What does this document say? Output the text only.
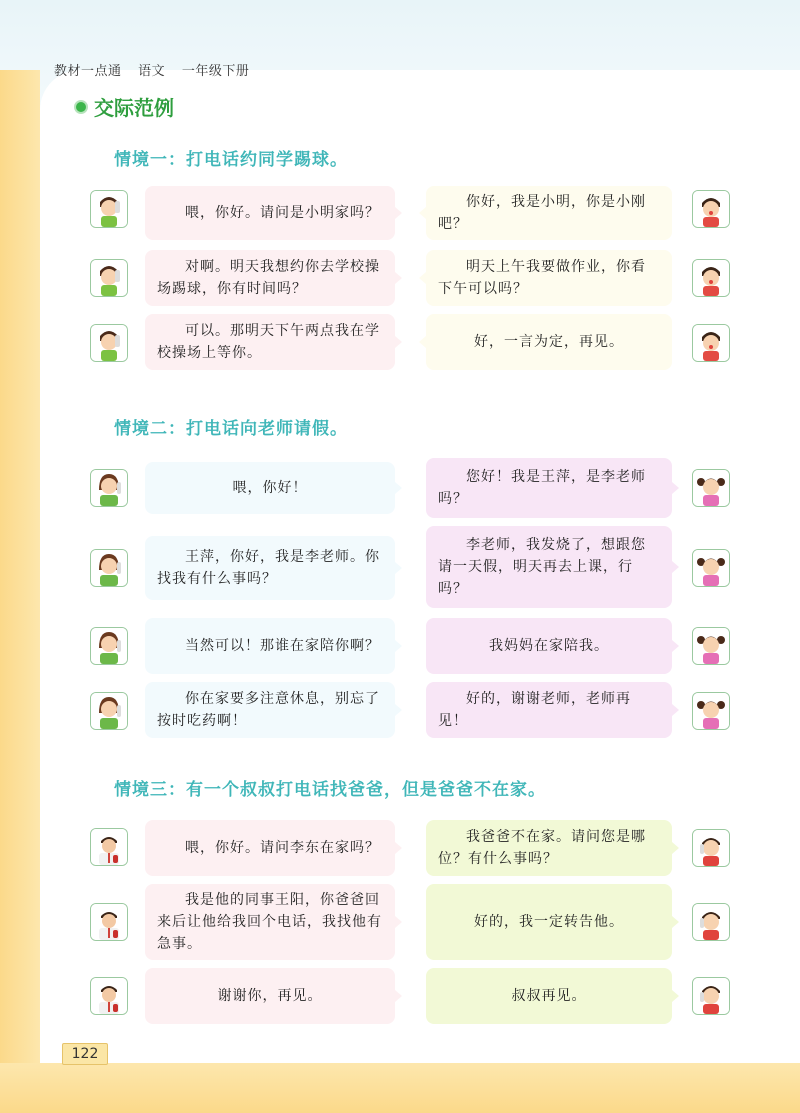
教材一点通 语文 一年级下册
交际范例
情境一：打电话约同学踢球。
喂，你好。请问是小明家吗？
你好，我是小明，你是小刚吧？
对啊。明天我想约你去学校操场踢球，你有时间吗？
明天上午我要做作业，你看下午可以吗？
可以。那明天下午两点我在学校操场上等你。
好，一言为定，再见。
情境二：打电话向老师请假。
喂，你好！
您好！我是王萍，是李老师吗？
王萍，你好，我是李老师。你找我有什么事吗？
李老师，我发烧了，想跟您请一天假，明天再去上课，行吗？
当然可以！那谁在家陪你啊？	我妈妈在家陪我。
你在家要多注意休息，别忘了按时吃药啊！
好的，谢谢老师，老师再见！
情境三：有一个叔叔打电话找爸爸，但是爸爸不在家。
喂，你好。请问李东在家吗？
我爸爸不在家。请问您是哪位？有什么事吗？
我是他的同事王阳，你爸爸回来后让他给我回个电话，我找他有急事。
好的，我一定转告他。
谢谢你，再见。	叔叔再见。
122
